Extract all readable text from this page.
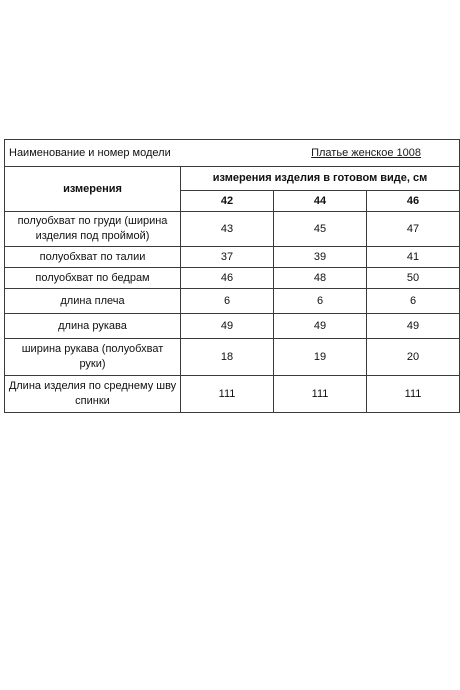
Наименование и номер модели		Платье женское 1008	
измерения	измерения изделия в готовом виде, см		
	42	44	46
полуобхват по груди (ширина изделия под проймой)	43	45	47
полуобхват по талии	37	39	41
полуобхват по бедрам	46	48	50
длина плеча	6	6	6
длина рукава	49	49	49
ширина рукава (полуобхват руки)	18	19	20
Длина изделия по среднему шву спинки	111	111	111
